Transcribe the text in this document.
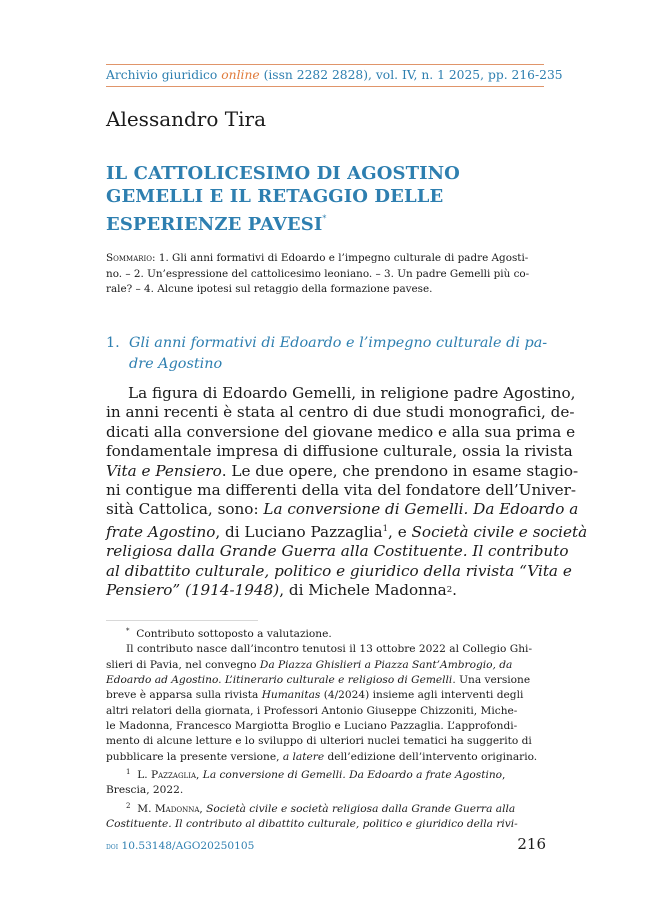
Archivio giuridico online (issn 2282 2828), vol. IV, n. 1 2025, pp. 216-235
Alessandro Tira
IL CATTOLICESIMO DI AGOSTINO
GEMELLI E IL RETAGGIO DELLE
ESPERIENZE PAVESI*
Sommario: 1. Gli anni formativi di Edoardo e l’impegno culturale di padre Agosti-
no. – 2. Un’espressione del cattolicesimo leoniano. – 3. Un padre Gemelli più co-
rale? – 4. Alcune ipotesi sul retaggio della formazione pavese.
1. Gli anni formativi di Edoardo e l’impegno culturale di pa-
dre Agostino
La figura di Edoardo Gemelli, in religione padre Agostino,
in anni recenti è stata al centro di due studi monografici, de-
dicati alla conversione del giovane medico e alla sua prima e
fondamentale impresa di diffusione culturale, ossia la rivista
Vita e Pensiero. Le due opere, che prendono in esame stagio-
ni contigue ma differenti della vita del fondatore dell’Univer-
sità Cattolica, sono: La conversione di Gemelli. Da Edoardo a
frate Agostino, di Luciano Pazzaglia$^1$, e Società civile e società
religiosa dalla Grande Guerra alla Costituente. Il contributo
al dibattito culturale, politico e giuridico della rivista “Vita e
Pensiero” (1914-1948) , di Michele Madonna 2 .
* Contributo sottoposto a valutazione.
Il contributo nasce dall’incontro tenutosi il 13 ottobre 2022 al Collegio Ghi-
slieri di Pavia, nel convegno Da Piazza Ghislieri a Piazza Sant’Ambrogio, da
Edoardo ad Agostino. L’itinerario culturale e religioso di Gemelli. Una versione
breve è apparsa sulla rivista Humanitas (4/2024) insieme agli interventi degli
altri relatori della giornata, i Professori Antonio Giuseppe Chizzoniti, Miche-
le Madonna, Francesco Margiotta Broglio e Luciano Pazzaglia. L’approfondi-
mento di alcune letture e lo sviluppo di ulteriori nuclei tematici ha suggerito di
pubblicare la presente versione, a latere dell’edizione dell’intervento originario.
$^1$ L. Pazzaglia, La conversione di Gemelli. Da Edoardo a frate Agostino,
Brescia, 2022.
$^2$ M. Madonna, Società civile e società religiosa dalla Grande Guerra alla
Costituente. Il contributo al dibattito culturale, politico e giuridico della rivi-
doi 10.53148/AGO20250105	216
